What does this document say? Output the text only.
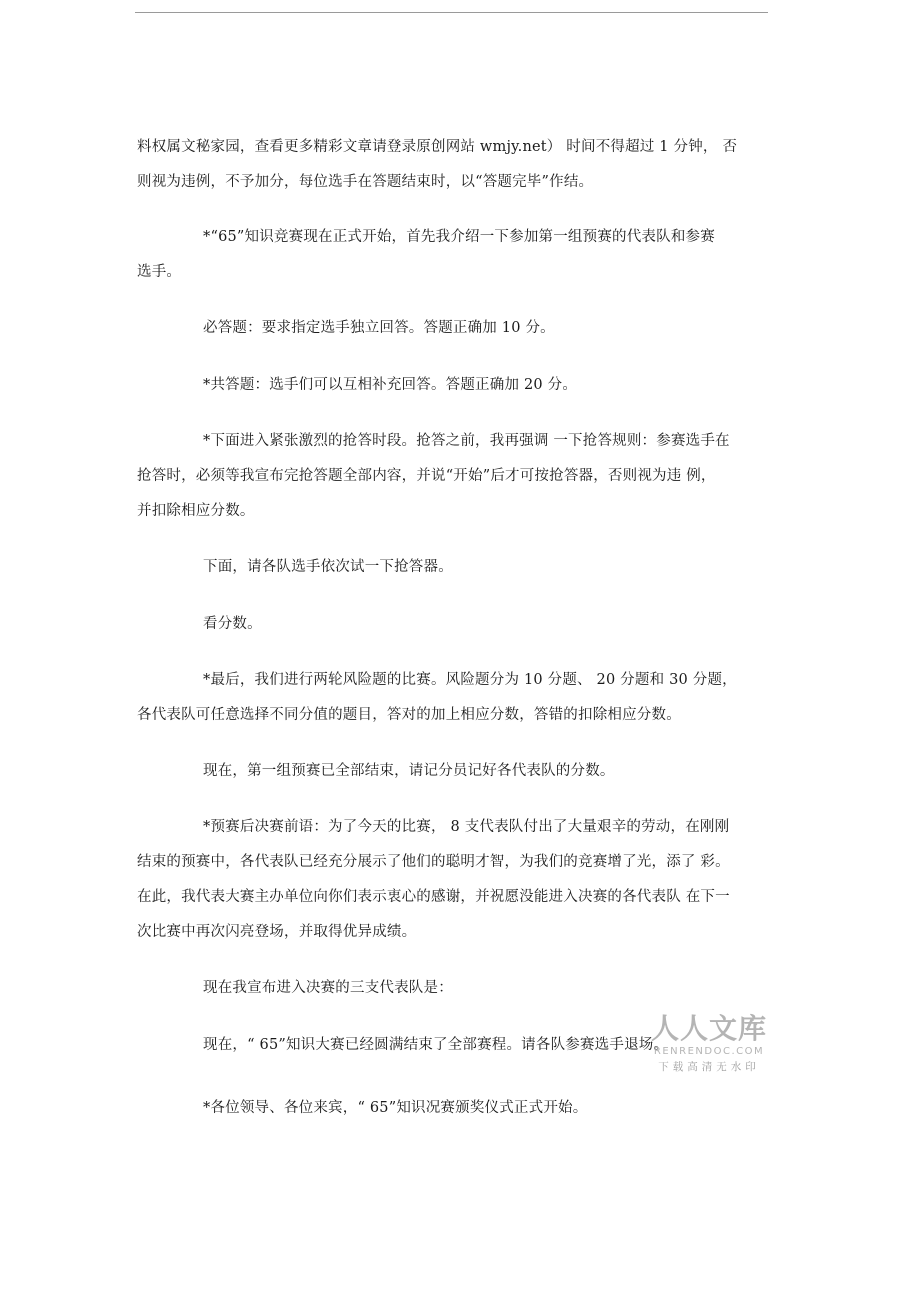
料权属文秘家园，查看更多精彩文章请登录原创网站 wmjy.net） 时间不得超过 1 分钟， 否
则视为违例，不予加分，每位选手在答题结束时，以“答题完毕”作结。
*“65”知识竞赛现在正式开始，首先我介绍一下参加第一组预赛的代表队和参赛
选手。
必答题：要求指定选手独立回答。答题正确加 10 分。
*共答题：选手们可以互相补充回答。答题正确加 20 分。
*下面进入紧张激烈的抢答时段。抢答之前，我再强调 一下抢答规则：参赛选手在
抢答时，必须等我宣布完抢答题全部内容，并说“开始”后才可按抢答器，否则视为违 例，
并扣除相应分数。
下面，请各队选手依次试一下抢答器。
看分数。
*最后，我们进行两轮风险题的比赛。风险题分为 10 分题、 20 分题和 30 分题，
各代表队可任意选择不同分值的题目，答对的加上相应分数，答错的扣除相应分数。
现在，第一组预赛已全部结束，请记分员记好各代表队的分数。
*预赛后决赛前语：为了今天的比赛， 8 支代表队付出了大量艰辛的劳动，在刚刚
结束的预赛中，各代表队已经充分展示了他们的聪明才智，为我们的竞赛增了光，添了 彩。
在此，我代表大赛主办单位向你们表示衷心的感谢，并祝愿没能进入决赛的各代表队 在下一
次比赛中再次闪亮登场，并取得优异成绩。
现在我宣布进入决赛的三支代表队是：
现在，“ 65”知识大赛已经圆满结束了全部赛程。请各队参赛选手退场。
*各位领导、各位来宾，“ 65”知识况赛颁奖仪式正式开始。
人人文库
RENRENDOC.COM
下载高清无水印
